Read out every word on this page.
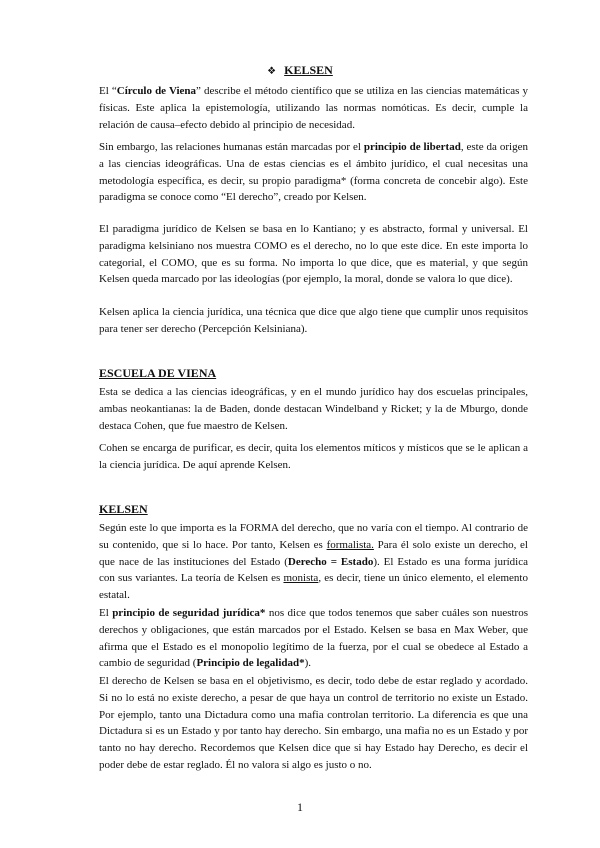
❖ KELSEN

El “Círculo de Viena” describe el método científico que se utiliza en las ciencias matemáticas y físicas. Este aplica la epistemología, utilizando las normas nomóticas. Es decir, cumple la relación de causa–efecto debido al principio de necesidad.

Sin embargo, las relaciones humanas están marcadas por el principio de libertad, este da origen a las ciencias ideográficas. Una de estas ciencias es el ámbito jurídico, el cual necesitas una metodología específica, es decir, su propio paradigma* (forma concreta de concebir algo). Este paradigma se conoce como “El derecho”, creado por Kelsen.

El paradigma jurídico de Kelsen se basa en lo Kantiano; y es abstracto, formal y universal. El paradigma kelsiniano nos muestra COMO es el derecho, no lo que este dice. En este importa lo categorial, el COMO, que es su forma. No importa lo que dice, que es material, y que según Kelsen queda marcado por las ideologías (por ejemplo, la moral, donde se valora lo que dice).

Kelsen aplica la ciencia jurídica, una técnica que dice que algo tiene que cumplir unos requisitos para tener ser derecho (Percepción Kelsiniana).

ESCUELA DE VIENA

Esta se dedica a las ciencias ideográficas, y en el mundo jurídico hay dos escuelas principales, ambas neokantianas: la de Baden, donde destacan Windelband y Ricket; y la de Mburgo, donde destaca Cohen, que fue maestro de Kelsen.

Cohen se encarga de purificar, es decir, quita los elementos míticos y místicos que se le aplican a la ciencia jurídica. De aquí aprende Kelsen.

KELSEN

Según este lo que importa es la FORMA del derecho, que no varía con el tiempo. Al contrario de su contenido, que si lo hace. Por tanto, Kelsen es formalista. Para él solo existe un derecho, el que nace de las instituciones del Estado (Derecho = Estado). El Estado es una forma jurídica con sus variantes. La teoría de Kelsen es monista, es decir, tiene un único elemento, el elemento estatal.

El principio de seguridad jurídica* nos dice que todos tenemos que saber cuáles son nuestros derechos y obligaciones, que están marcados por el Estado. Kelsen se basa en Max Weber, que afirma que el Estado es el monopolio legítimo de la fuerza, por el cual se obedece al Estado a cambio de seguridad (Principio de legalidad*).

El derecho de Kelsen se basa en el objetivismo, es decir, todo debe de estar reglado y acordado. Si no lo está no existe derecho, a pesar de que haya un control de territorio no existe un Estado. Por ejemplo, tanto una Dictadura como una mafia controlan territorio. La diferencia es que una Dictadura si es un Estado y por tanto hay derecho. Sin embargo, una mafia no es un Estado y por tanto no hay derecho. Recordemos que Kelsen dice que si hay Estado hay Derecho, es decir el poder debe de estar reglado. Él no valora si algo es justo o no.

1
